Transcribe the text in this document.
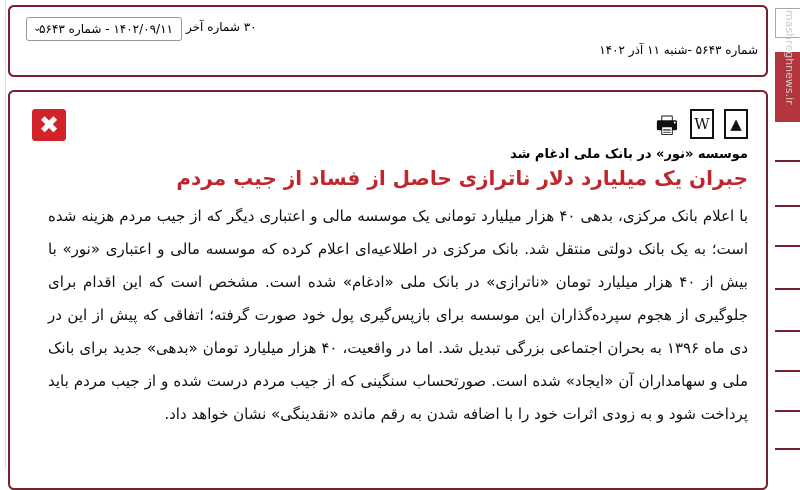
۱۴۰۲/۰۹/۱۱ - شماره ۵۶۴۳
⌄	۳۰ شماره آخر
شماره ۵۶۴۳ -شنبه ۱۱ آذر ۱۴۰۲
✖	🖶 W	▲
موسسه «نور» در بانک ملی ادغام شد
جبران یک میلیارد دلار ناترازی حاصل از فساد از جیب مردم
با اعلام بانک مرکزی، بدهی ۴۰ هزار میلیارد تومانی یک موسسه مالی و اعتباری دیگر که از جیب مردم هزینه شده است؛ به یک بانک دولتی منتقل شد. بانک مرکزی در اطلاعیه‌ای اعلام کرده که موسسه مالی و اعتباری «نور» با بیش از ۴۰ هزار میلیارد تومان «ناترازی» در بانک ملی «ادغام» شده است. مشخص است که این اقدام برای جلوگیری از هجوم سپرده‌گذاران این موسسه برای بازپس‌گیری پول خود صورت گرفته؛ اتفاقی که پیش از این در دی ماه ۱۳۹۶ به بحران اجتماعی بزرگی تبدیل شد. اما در واقعیت، ۴۰ هزار میلیارد تومان «بدهی» جدید برای بانک ملی و سهامداران آن «ایجاد» شده است. صورتحساب سنگینی که از جیب مردم درست شده و از جیب مردم باید پرداخت شود و به زودی اثرات خود را با اضافه شدن به رقم مانده «نقدینگی» نشان خواهد داد.
mashreghnews.ir
